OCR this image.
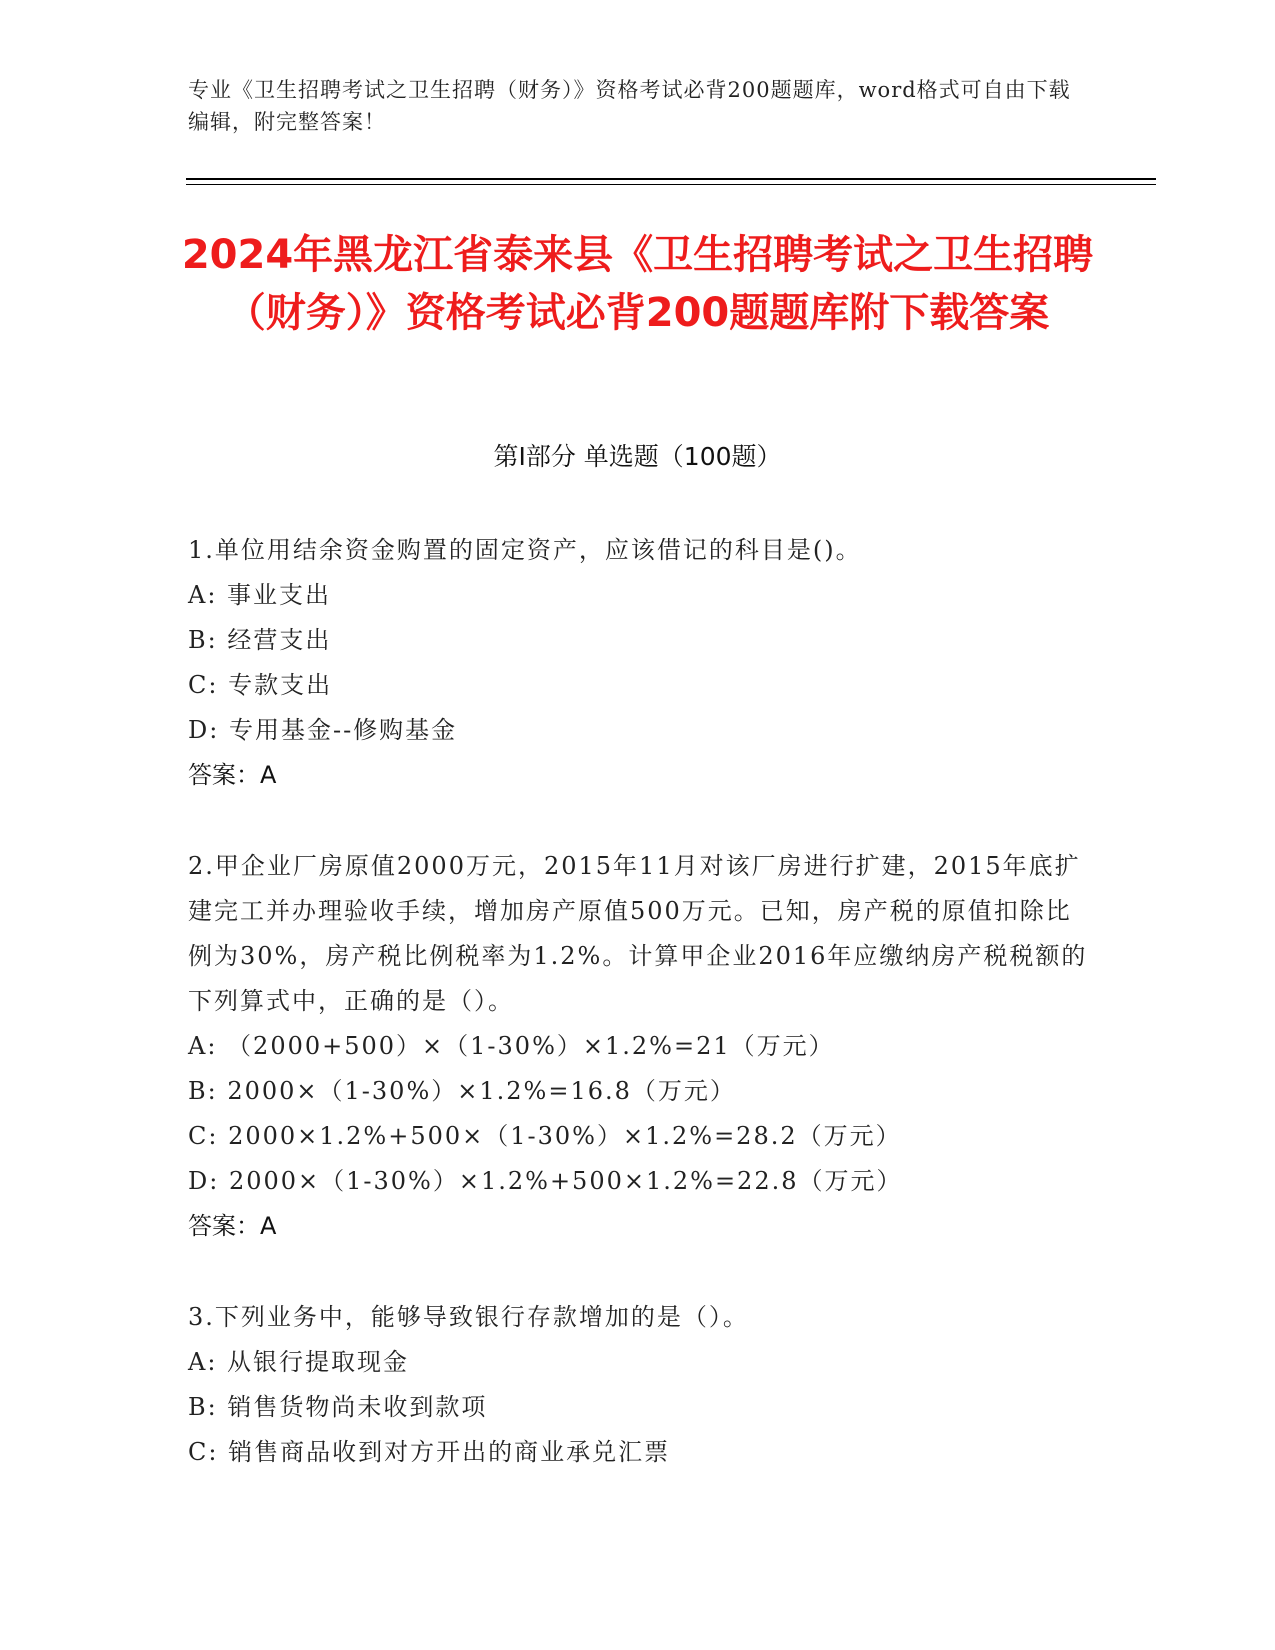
专业《卫生招聘考试之卫生招聘（财务）》资格考试必背200题题库，word格式可自由下载编辑，附完整答案！
2024年黑龙江省泰来县《卫生招聘考试之卫生招聘（财务）》资格考试必背200题题库附下载答案
第Ⅰ部分 单选题（100题）
1.单位用结余资金购置的固定资产，应该借记的科目是()。
A: 事业支出
B: 经营支出
C: 专款支出
D: 专用基金--修购基金
答案：A
2.甲企业厂房原值2000万元，2015年11月对该厂房进行扩建，2015年底扩建完工并办理验收手续，增加房产原值500万元。已知，房产税的原值扣除比例为30%，房产税比例税率为1.2%。计算甲企业2016年应缴纳房产税税额的下列算式中，正确的是（）。
A: （2000+500）×（1-30%）×1.2%=21（万元）
B: 2000×（1-30%）×1.2%=16.8（万元）
C: 2000×1.2%+500×（1-30%）×1.2%=28.2（万元）
D: 2000×（1-30%）×1.2%+500×1.2%=22.8（万元）
答案：A
3.下列业务中，能够导致银行存款增加的是（）。
A: 从银行提取现金
B: 销售货物尚未收到款项
C: 销售商品收到对方开出的商业承兑汇票
